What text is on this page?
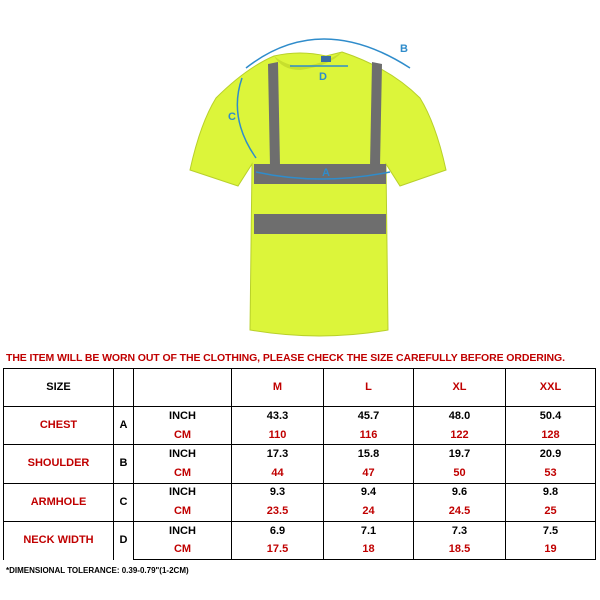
B
D
C
A
THE ITEM WILL BE WORN OUT OF THE CLOTHING, PLEASE CHECK THE SIZE CAREFULLY BEFORE ORDERING.
SIZE			M	L	XL	XXL
CHEST	A	INCH	43.3	45.7	48.0	50.4
		CM	110	116	122	128
SHOULDER	B	INCH	17.3	15.8	19.7	20.9
		CM	44	47	50	53
ARMHOLE	C	INCH	9.3	9.4	9.6	9.8
		CM	23.5	24	24.5	25
NECK WIDTH	D	INCH	6.9	7.1	7.3	7.5
		CM	17.5	18	18.5	19
*DIMENSIONAL TOLERANCE: 0.39-0.79"(1-2CM)
